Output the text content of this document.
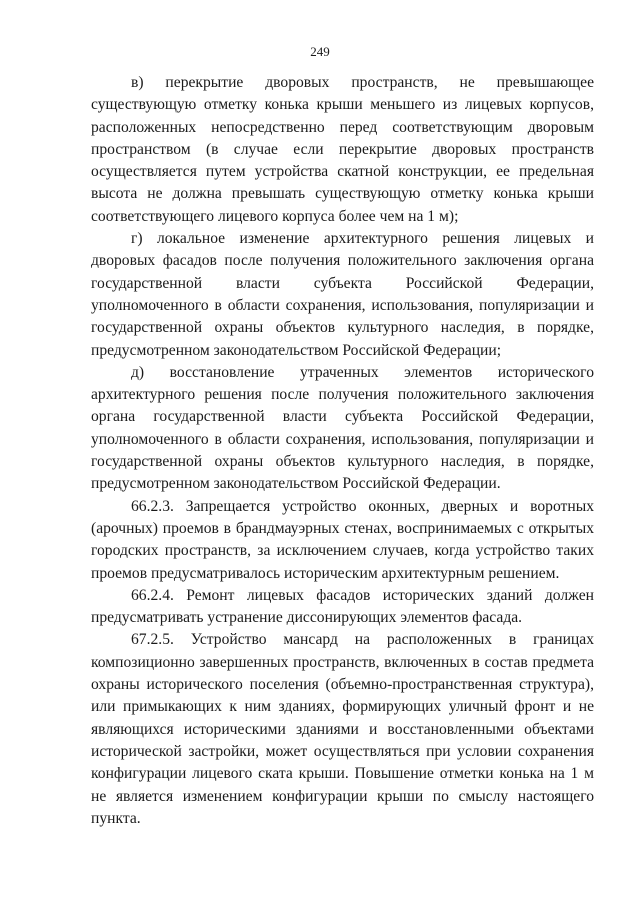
249

в) перекрытие дворовых пространств, не превышающее существующую отметку конька крыши меньшего из лицевых корпусов, расположенных непосредственно перед соответствующим дворовым пространством (в случае если перекрытие дворовых пространств осуществляется путем устройства скатной конструкции, ее предельная высота не должна превышать существующую отметку конька крыши соответствующего лицевого корпуса более чем на 1 м);

г) локальное изменение архитектурного решения лицевых и дворовых фасадов после получения положительного заключения органа государственной власти субъекта Российской Федерации, уполномоченного в области сохранения, использования, популяризации и государственной охраны объектов культурного наследия, в порядке, предусмотренном законодательством Российской Федерации;

д) восстановление утраченных элементов исторического архитектурного решения после получения положительного заключения органа государственной власти субъекта Российской Федерации, уполномоченного в области сохранения, использования, популяризации и государственной охраны объектов культурного наследия, в порядке, предусмотренном законодательством Российской Федерации.

66.2.3. Запрещается устройство оконных, дверных и воротных (арочных) проемов в брандмауэрных стенах, воспринимаемых с открытых городских пространств, за исключением случаев, когда устройство таких проемов предусматривалось историческим архитектурным решением.

66.2.4. Ремонт лицевых фасадов исторических зданий должен предусматривать устранение диссонирующих элементов фасада.

67.2.5. Устройство мансард на расположенных в границах композиционно завершенных пространств, включенных в состав предмета охраны исторического поселения (объемно-пространственная структура), или примыкающих к ним зданиях, формирующих уличный фронт и не являющихся историческими зданиями и восстановленными объектами исторической застройки, может осуществляться при условии сохранения конфигурации лицевого ската крыши. Повышение отметки конька на 1 м не является изменением конфигурации крыши по смыслу настоящего пункта.
